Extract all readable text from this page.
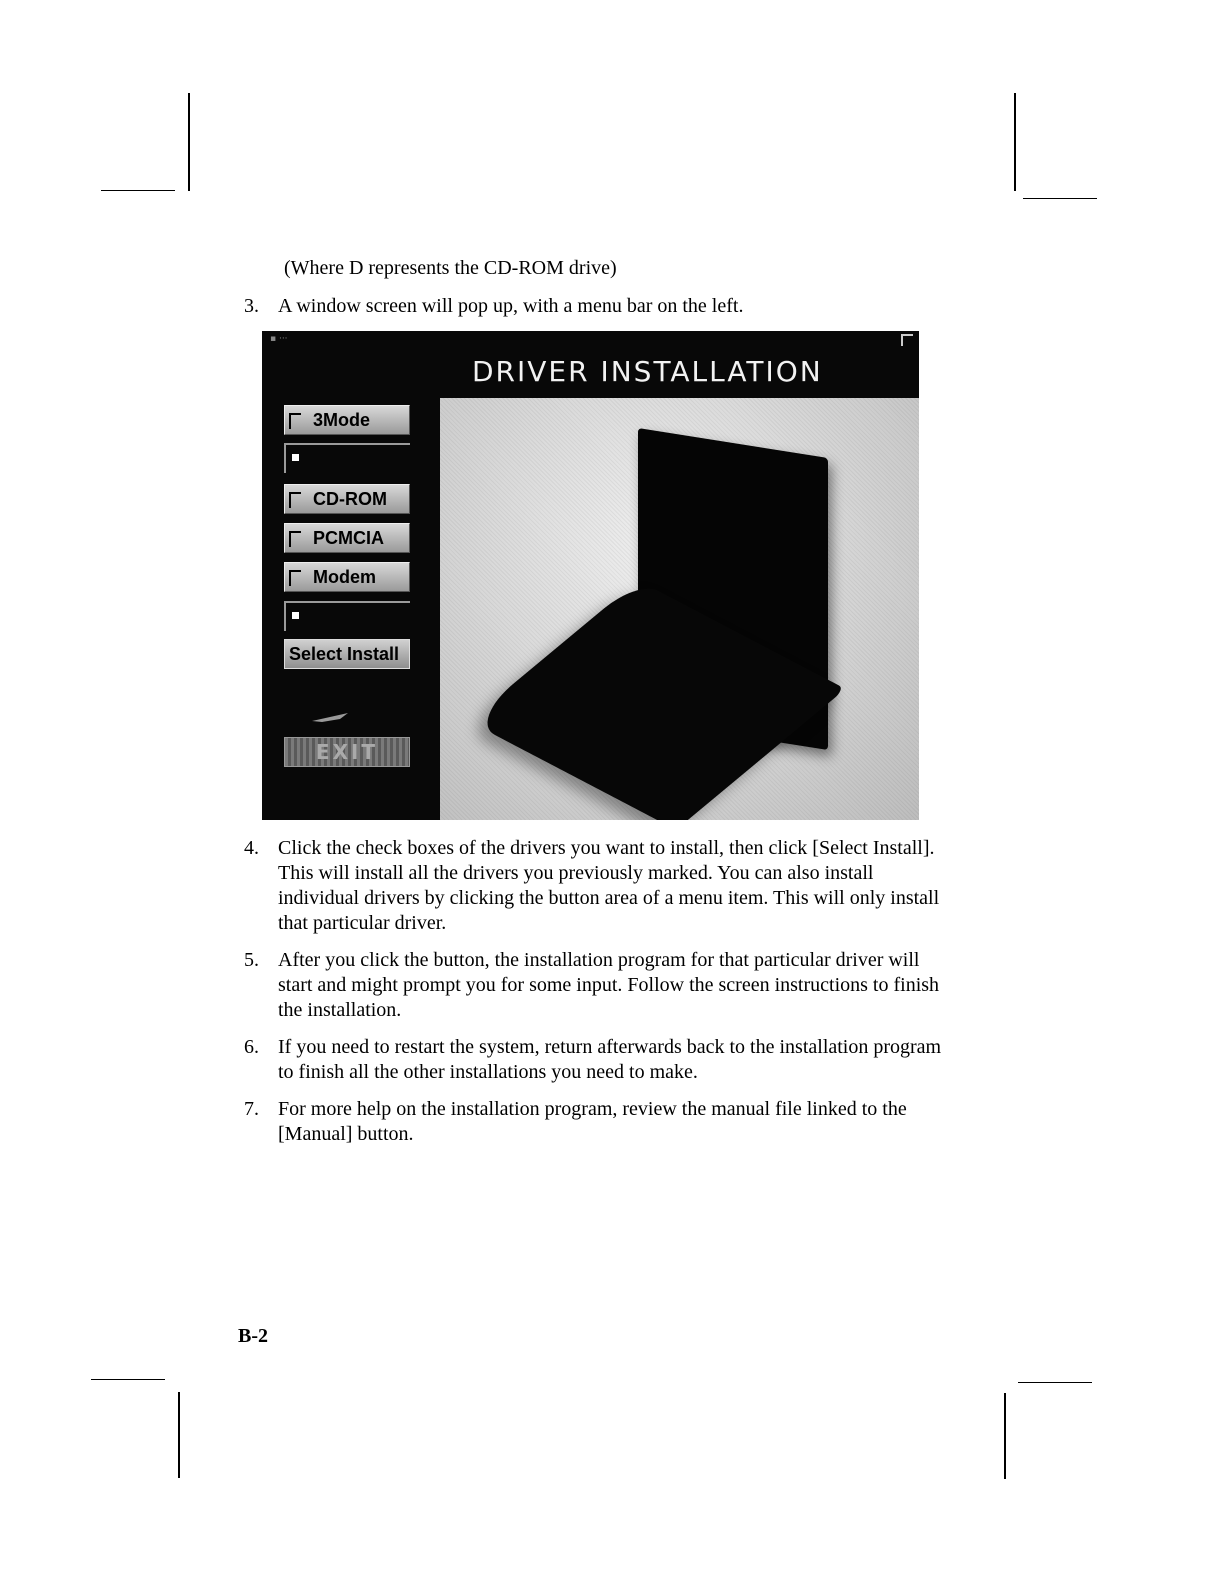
(Where D represents the CD-ROM drive)
3. A window screen will pop up, with a menu bar on the left.
▪ ···
DRIVER INSTALLATION
3Mode
CD-ROM
PCMCIA
Modem
Select Install
EXIT
4. Click the check boxes of the drivers you want to install, then click [Select Install]. This will install all the drivers you previously marked. You can also install individual drivers by clicking the button area of a menu item. This will only install that particular driver.
5. After you click the button, the installation program for that particular driver will start and might prompt you for some input. Follow the screen instructions to finish the installation.
6. If you need to restart the system, return afterwards back to the installation program to finish all the other installations you need to make.
7. For more help on the installation program, review the manual file linked to the [Manual] button.
B-2
